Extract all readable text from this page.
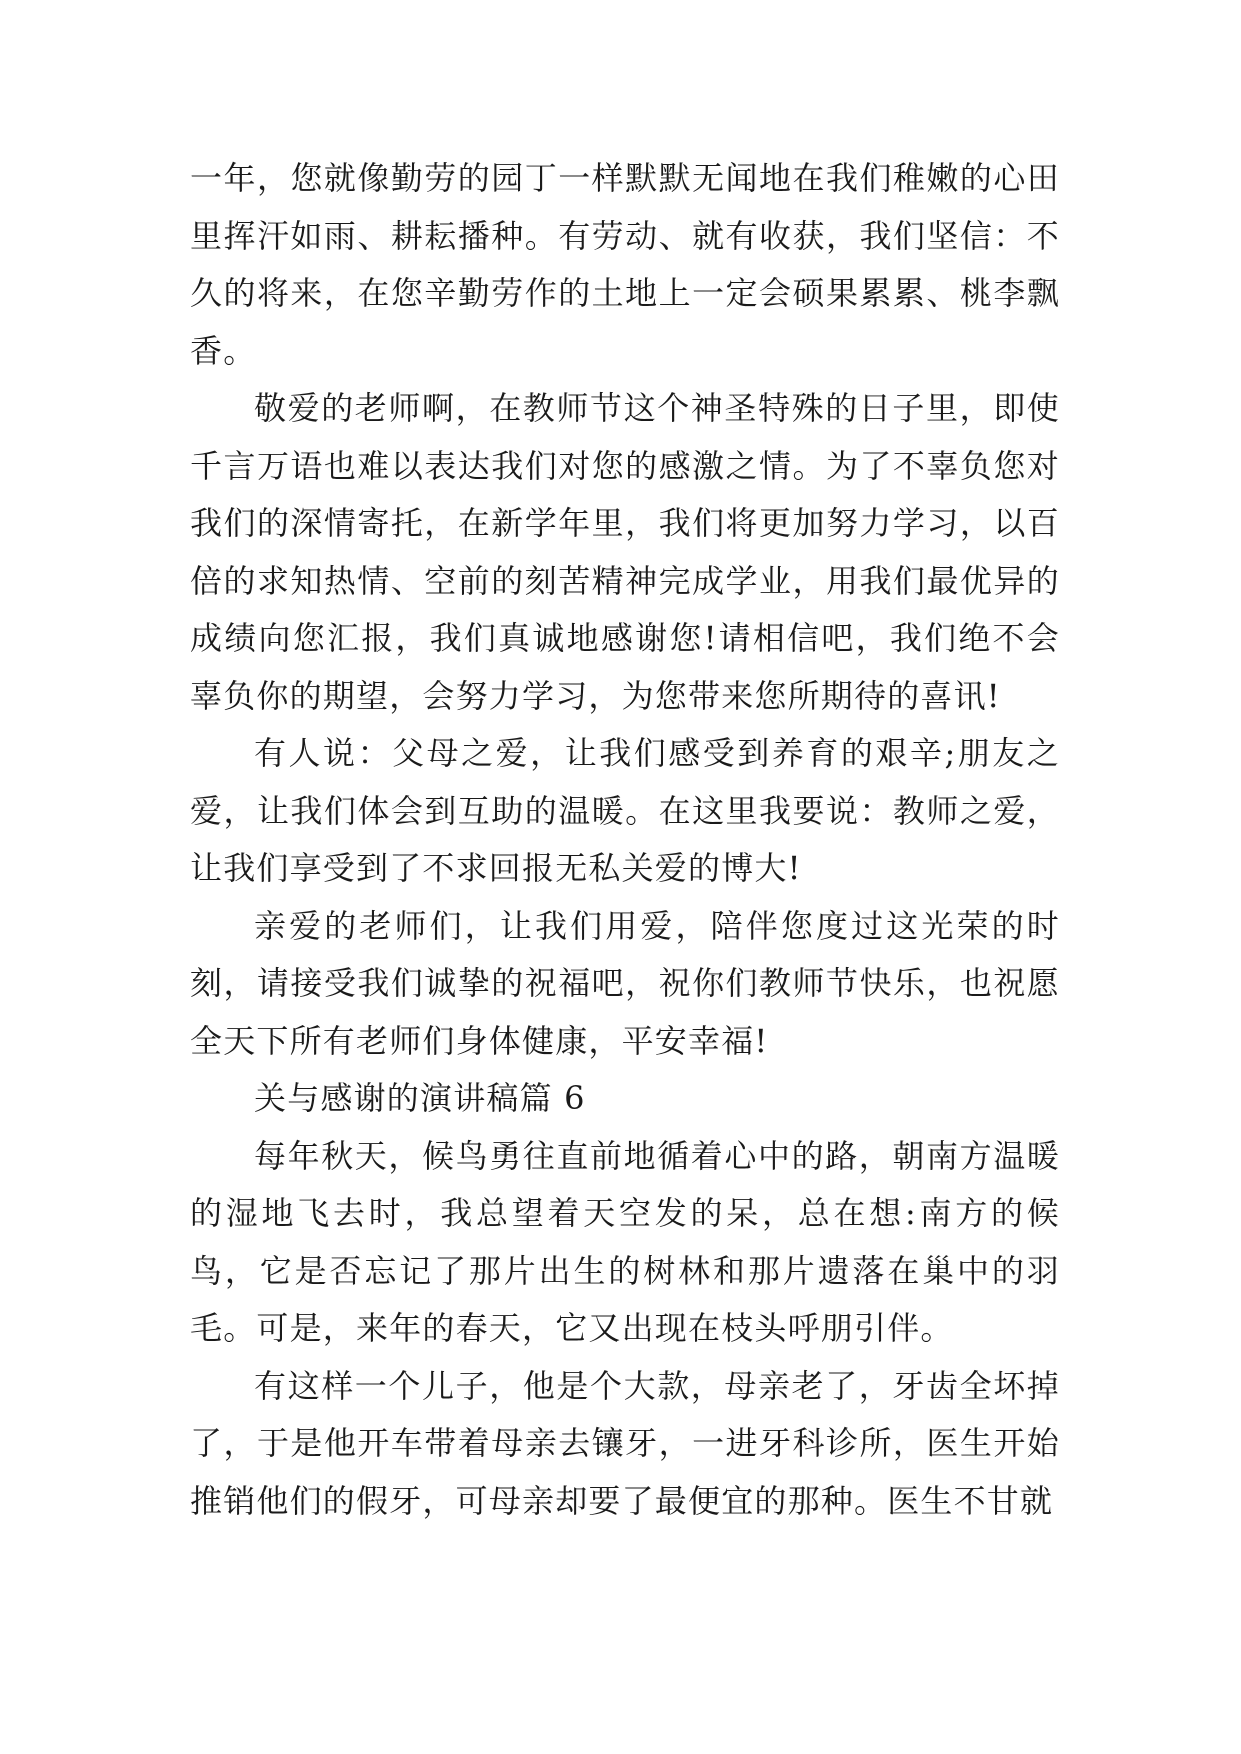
一年，您就像勤劳的园丁一样默默无闻地在我们稚嫩的心田里挥汗如雨、耕耘播种。有劳动、就有收获，我们坚信：不久的将来，在您辛勤劳作的土地上一定会硕果累累、桃李飘香。

敬爱的老师啊，在教师节这个神圣特殊的日子里，即使千言万语也难以表达我们对您的感激之情。为了不辜负您对我们的深情寄托，在新学年里，我们将更加努力学习，以百倍的求知热情、空前的刻苦精神完成学业，用我们最优异的成绩向您汇报，我们真诚地感谢您!请相信吧，我们绝不会辜负你的期望，会努力学习，为您带来您所期待的喜讯!

有人说：父母之爱，让我们感受到养育的艰辛;朋友之爱，让我们体会到互助的温暖。在这里我要说：教师之爱，让我们享受到了不求回报无私关爱的博大!

亲爱的老师们，让我们用爱，陪伴您度过这光荣的时刻，请接受我们诚挚的祝福吧，祝你们教师节快乐，也祝愿全天下所有老师们身体健康，平安幸福!

关与感谢的演讲稿篇 6

每年秋天，候鸟勇往直前地循着心中的路，朝南方温暖的湿地飞去时，我总望着天空发的呆，总在想:南方的候鸟，它是否忘记了那片出生的树林和那片遗落在巢中的羽毛。可是，来年的春天，它又出现在枝头呼朋引伴。

有这样一个儿子，他是个大款，母亲老了，牙齿全坏掉了，于是他开车带着母亲去镶牙，一进牙科诊所，医生开始推销他们的假牙，可母亲却要了最便宜的那种。医生不甘就
